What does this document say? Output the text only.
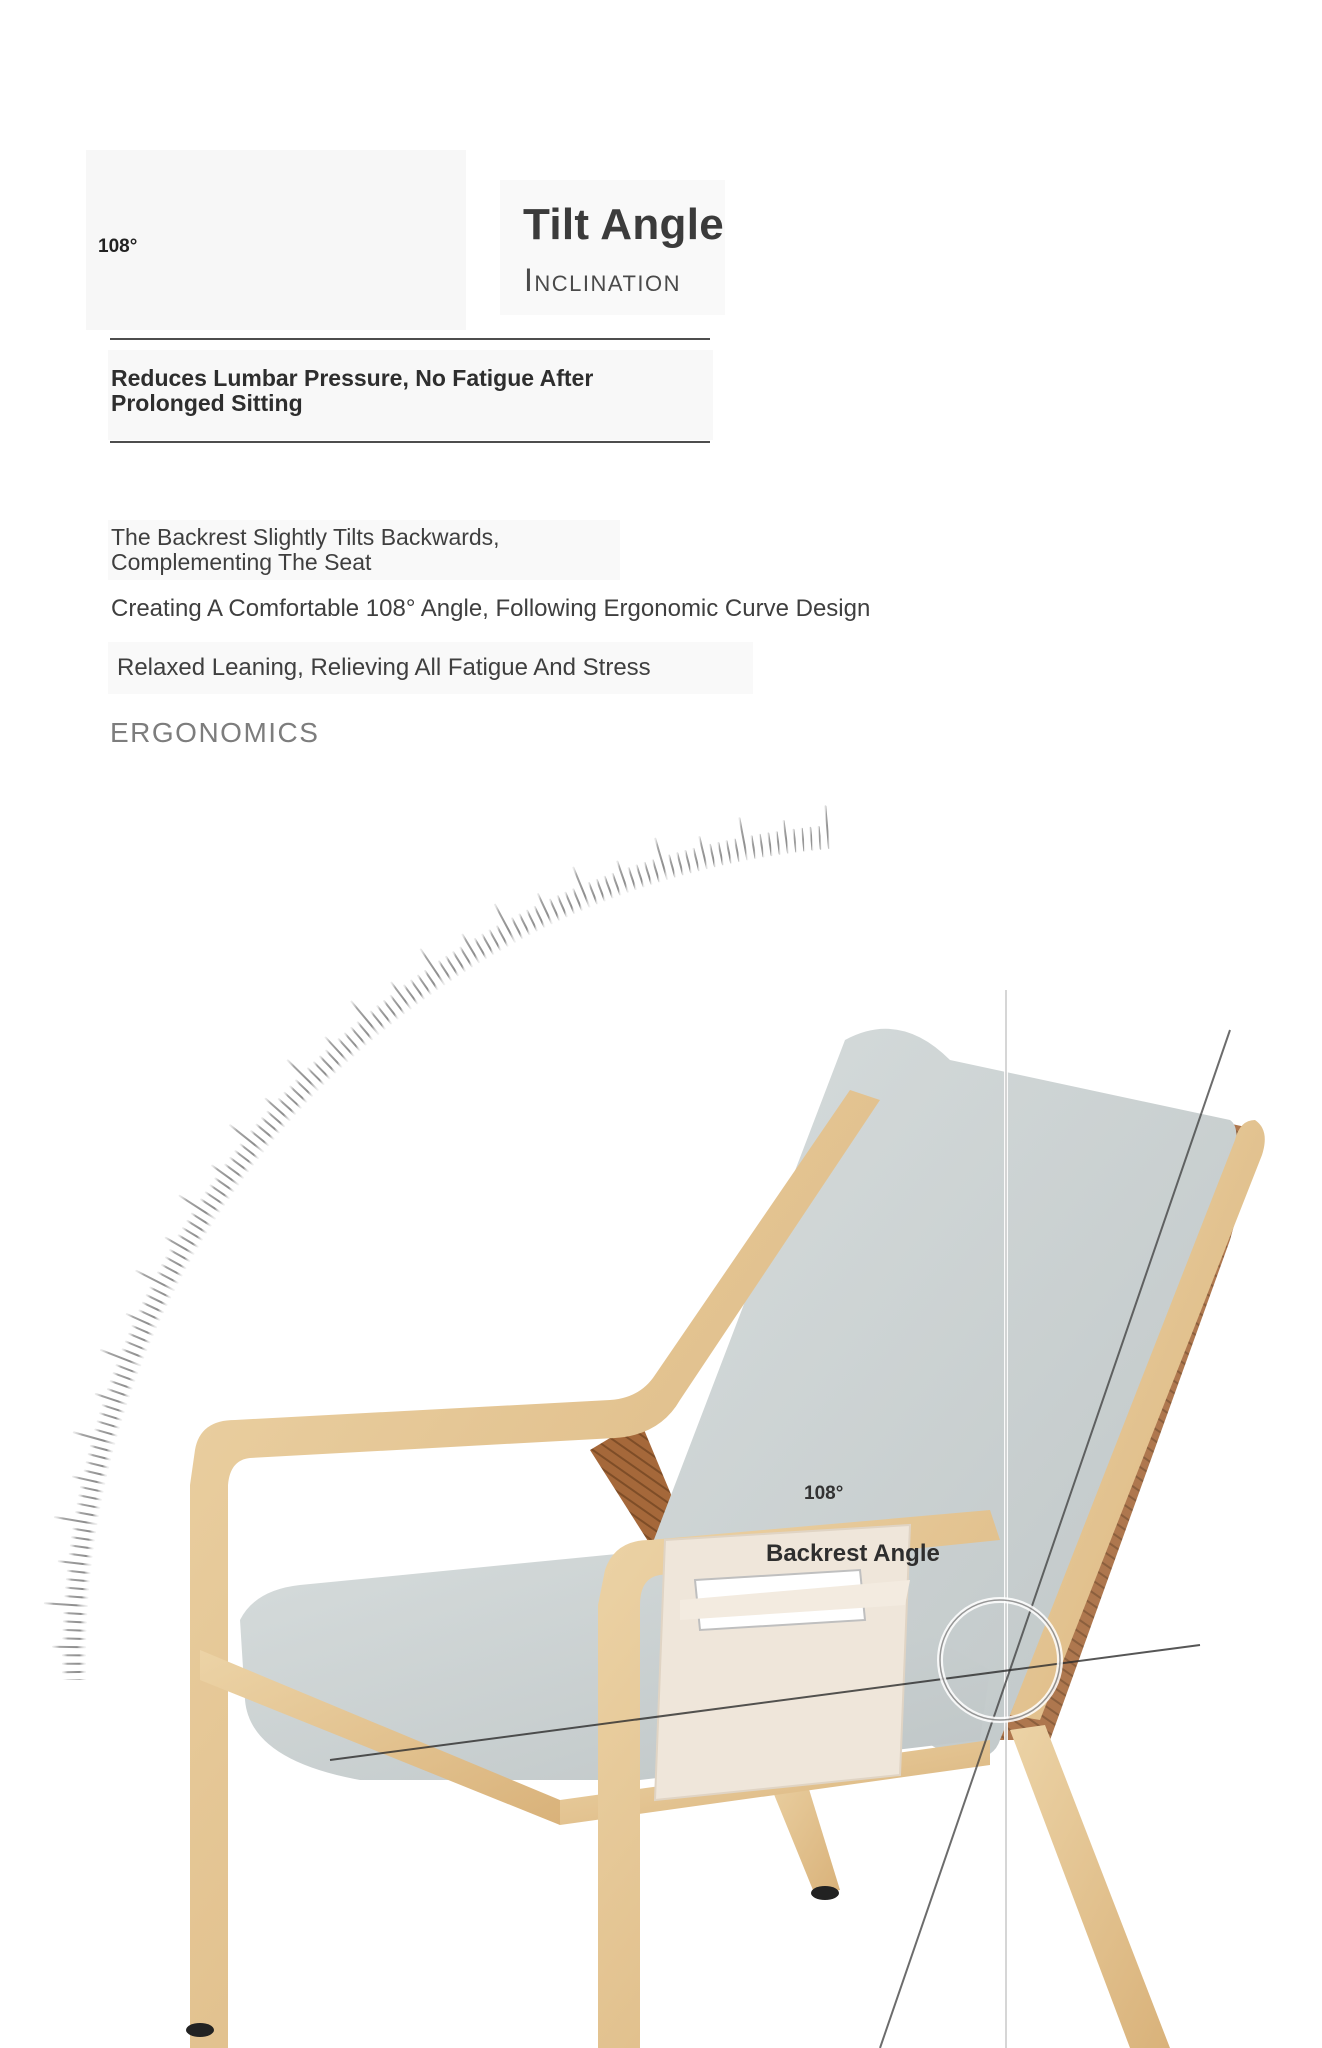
108°	Tilt Angle
Inclination
Reduces Lumbar Pressure, No Fatigue After
Prolonged Sitting
The Backrest Slightly Tilts Backwards,
Complementing The Seat
Creating A Comfortable 108° Angle, Following Ergonomic Curve Design
Relaxed Leaning, Relieving All Fatigue And Stress
ERGONOMICS
108°
Backrest Angle
